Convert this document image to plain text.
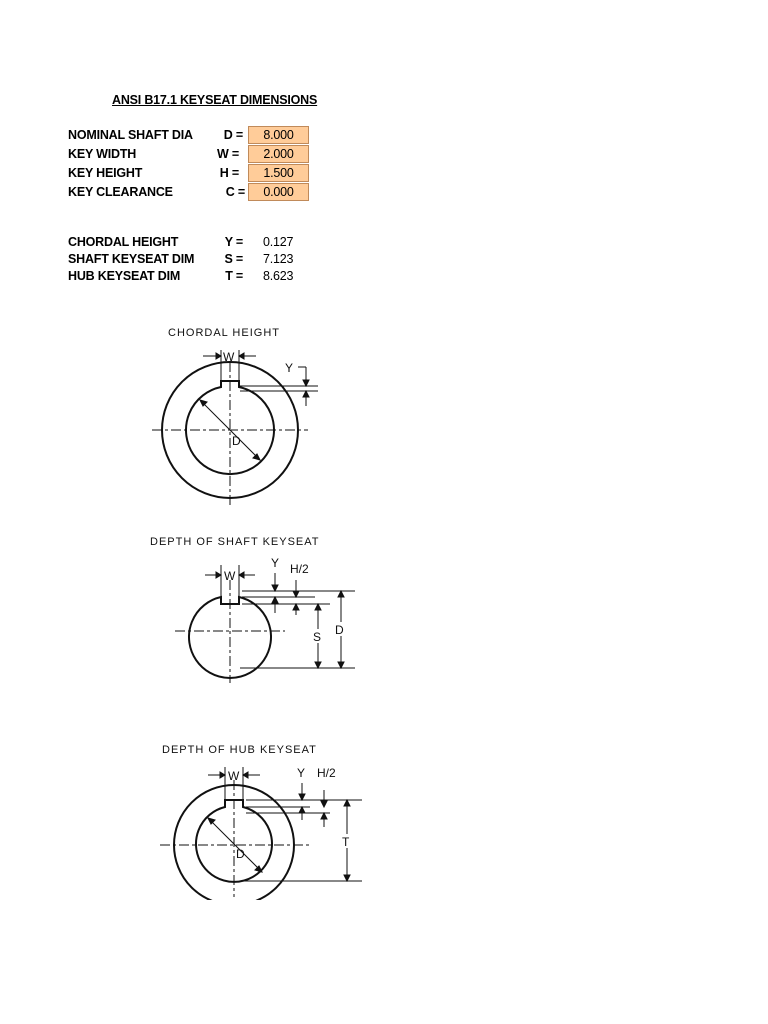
ANSI B17.1 KEYSEAT DIMENSIONS
NOMINAL SHAFT DIA	D =	8.000
KEY WIDTH	W =	2.000
KEY HEIGHT	H =	1.500
KEY CLEARANCE	C =	0.000
CHORDAL HEIGHT	Y = 0.127
SHAFT KEYSEAT DIM	S = 7.123
HUB KEYSEAT DIM	T = 8.623
CHORDAL HEIGHT
W
Y
D
DEPTH OF SHAFT KEYSEAT
W
Y H/2
S D
DEPTH OF HUB KEYSEAT
W	Y H/2
T
D
